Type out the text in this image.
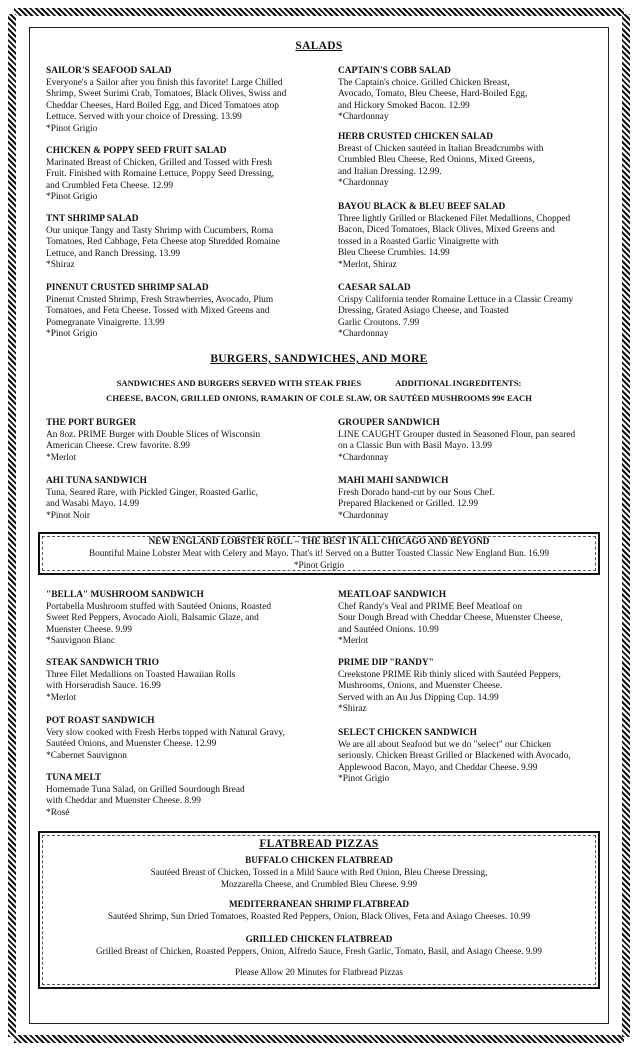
SALADS
BURGERS, SANDWICHES, AND MORE
SANDWICHES AND BURGERS SERVED WITH STEAK FRIES	ADDITIONAL INGREDITENTS:
CHEESE, BACON, GRILLED ONIONS, RAMAKIN OF COLE SLAW, OR SAUTÉED MUSHROOMS 99¢ EACH
NEW ENGLAND LOBSTER ROLL – THE BEST IN ALL CHICAGO AND BEYOND
Bountiful Maine Lobster Meat with Celery and Mayo. That's it! Served on a Butter Toasted Classic New England Bun. 16.99
*Pinot Grigio
FLATBREAD PIZZAS
BUFFALO CHICKEN FLATBREAD
Sautéed Breast of Chicken, Tossed in a Mild Sauce with Red Onion, Bleu Cheese Dressing,
Mozzarella Cheese, and Crumbled Bleu Cheese. 9.99
MEDITERRANEAN SHRIMP FLATBREAD
Sautéed Shrimp, Sun Dried Tomatoes, Roasted Red Peppers, Onion, Black Olives, Feta and Asiago Cheeses. 10.99
GRILLED CHICKEN FLATBREAD
Grilled Breast of Chicken, Roasted Peppers, Onion, Alfredo Sauce, Fresh Garlic, Tomato, Basil, and Asiago Cheese. 9.99
Please Allow 20 Minutes for Flatbread Pizzas
SAILOR'S SEAFOOD SALAD
Everyone's a Sailor after you finish this favorite! Large Chilled
Shrimp, Sweet Surimi Crab, Tomatoes, Black Olives, Swiss and
Cheddar Cheeses, Hard Boiled Egg, and Diced Tomatoes atop
Lettuce. Served with your choice of Dressing. 13.99
*Pinot Grigio
CHICKEN & POPPY SEED FRUIT SALAD
Marinated Breast of Chicken, Grilled and Tossed with Fresh
Fruit. Finished with Romaine Lettuce, Poppy Seed Dressing,
and Crumbled Feta Cheese. 12.99
*Pinot Grigio
TNT SHRIMP SALAD
Our unique Tangy and Tasty Shrimp with Cucumbers, Roma
Tomatoes, Red Cabbage, Feta Cheese atop Shredded Romaine
Lettuce, and Ranch Dressing. 13.99
*Shiraz
PINENUT CRUSTED SHRIMP SALAD
Pinenut Crusted Shrimp, Fresh Strawberries, Avocado, Plum
Tomatoes, and Feta Cheese. Tossed with Mixed Greens and
Pomegranate Vinaigrette. 13.99
*Pinot Grigio
CAPTAIN'S COBB SALAD
The Captain's choice. Grilled Chicken Breast,
Avocado, Tomato, Bleu Cheese, Hard-Boiled Egg,
and Hickory Smoked Bacon. 12.99
*Chardonnay
HERB CRUSTED CHICKEN SALAD
Breast of Chicken sautéed in Italian Breadcrumbs with
Crumbled Bleu Cheese, Red Onions, Mixed Greens,
and Italian Dressing. 12.99.
*Chardonnay
BAYOU BLACK & BLEU BEEF SALAD
Three lightly Grilled or Blackened Filet Medallions, Chopped
Bacon, Diced Tomatoes, Black Olives, Mixed Greens and
tossed in a Roasted Garlic Vinaigrette with
Bleu Cheese Crumbles. 14.99
*Merlot, Shiraz
CAESAR SALAD
Crispy California tender Romaine Lettuce in a Classic Creamy
Dressing, Grated Asiago Cheese, and Toasted
Garlic Croutons. 7.99
*Chardonnay
THE PORT BURGER
An 8oz. PRIME Burger with Double Slices of Wisconsin
American Cheese. Crew favorite. 8.99
*Merlot
AHI TUNA SANDWICH
Tuna, Seared Rare, with Pickled Ginger, Roasted Garlic,
and Wasabi Mayo. 14.99
*Pinot Noir
GROUPER SANDWICH
LINE CAUGHT Grouper dusted in Seasoned Flour, pan seared
on a Classic Bun with Basil Mayo. 13.99
*Chardonnay
MAHI MAHI SANDWICH
Fresh Dorado hand-cut by our Sous Chef.
Prepared Blackened or Grilled. 12.99
*Chardonnay
"BELLA" MUSHROOM SANDWICH
Portabella Mushroom stuffed with Sautéed Onions, Roasted
Sweet Red Peppers, Avocado Aioli, Balsamic Glaze, and
Muenster Cheese. 9.99
*Sauvignon Blanc
STEAK SANDWICH TRIO
Three Filet Medallions on Toasted Hawaiian Rolls
with Horseradish Sauce. 16.99
*Merlot
POT ROAST SANDWICH
Very slow cooked with Fresh Herbs topped with Natural Gravy,
Sautéed Onions, and Muenster Cheese. 12.99
*Cabernet Sauvignon
TUNA MELT
Homemade Tuna Salad, on Grilled Sourdough Bread
with Cheddar and Muenster Cheese. 8.99
*Rosé
MEATLOAF SANDWICH
Chef Randy's Veal and PRIME Beef Meatloaf on
Sour Dough Bread with Cheddar Cheese, Muenster Cheese,
and Sautéed Onions. 10.99
*Merlot
PRIME DIP "RANDY"
Creekstone PRIME Rib thinly sliced with Sautéed Peppers,
Mushrooms, Onions, and Muenster Cheese.
Served with an Au Jus Dipping Cup. 14.99
*Shiraz
SELECT CHICKEN SANDWICH
We are all about Seafood but we do "select" our Chicken
seriously. Chicken Breast Grilled or Blackened with Avocado,
Applewood Bacon, Mayo, and Cheddar Cheese. 9.99
*Pinot Grigio
